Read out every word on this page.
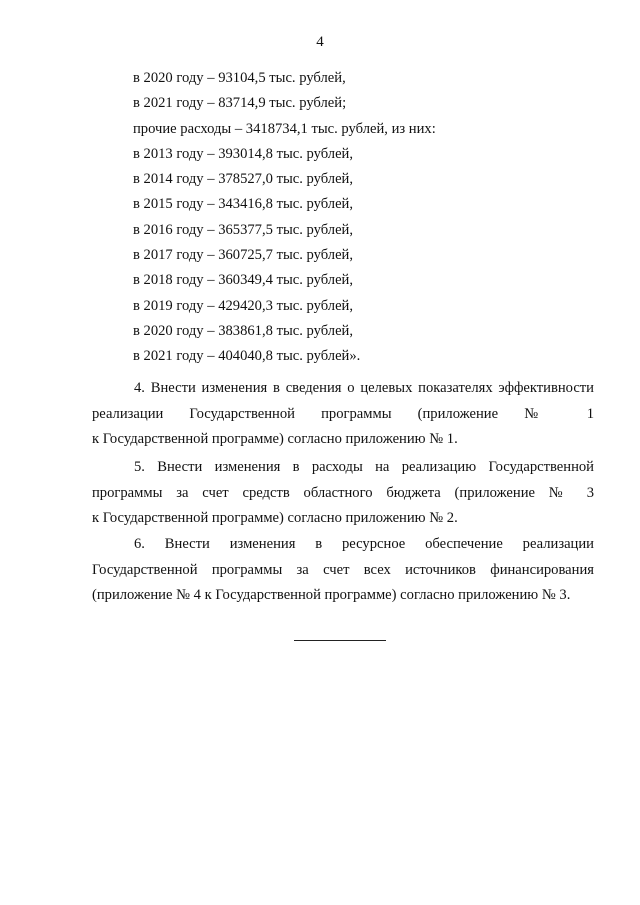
4
в 2020 году – 93104,5 тыс. рублей,
в 2021 году – 83714,9 тыс. рублей;
прочие расходы – 3418734,1 тыс. рублей, из них:
в 2013 году – 393014,8 тыс. рублей,
в 2014 году – 378527,0 тыс. рублей,
в 2015 году – 343416,8 тыс. рублей,
в 2016 году – 365377,5 тыс. рублей,
в 2017 году – 360725,7 тыс. рублей,
в 2018 году – 360349,4 тыс. рублей,
в 2019 году – 429420,3 тыс. рублей,
в 2020 году – 383861,8 тыс. рублей,
в 2021 году – 404040,8 тыс. рублей».
4. Внести изменения в сведения о целевых показателях эффективности
реализации Государственной программы (приложение № 1
к Государственной программе) согласно приложению № 1.
5. Внести изменения в расходы на реализацию Государственной
программы за счет средств областного бюджета (приложение № 3
к Государственной программе) согласно приложению № 2.
6. Внести изменения в ресурсное обеспечение реализации
Государственной программы за счет всех источников финансирования
(приложение № 4 к Государственной программе) согласно приложению № 3.
